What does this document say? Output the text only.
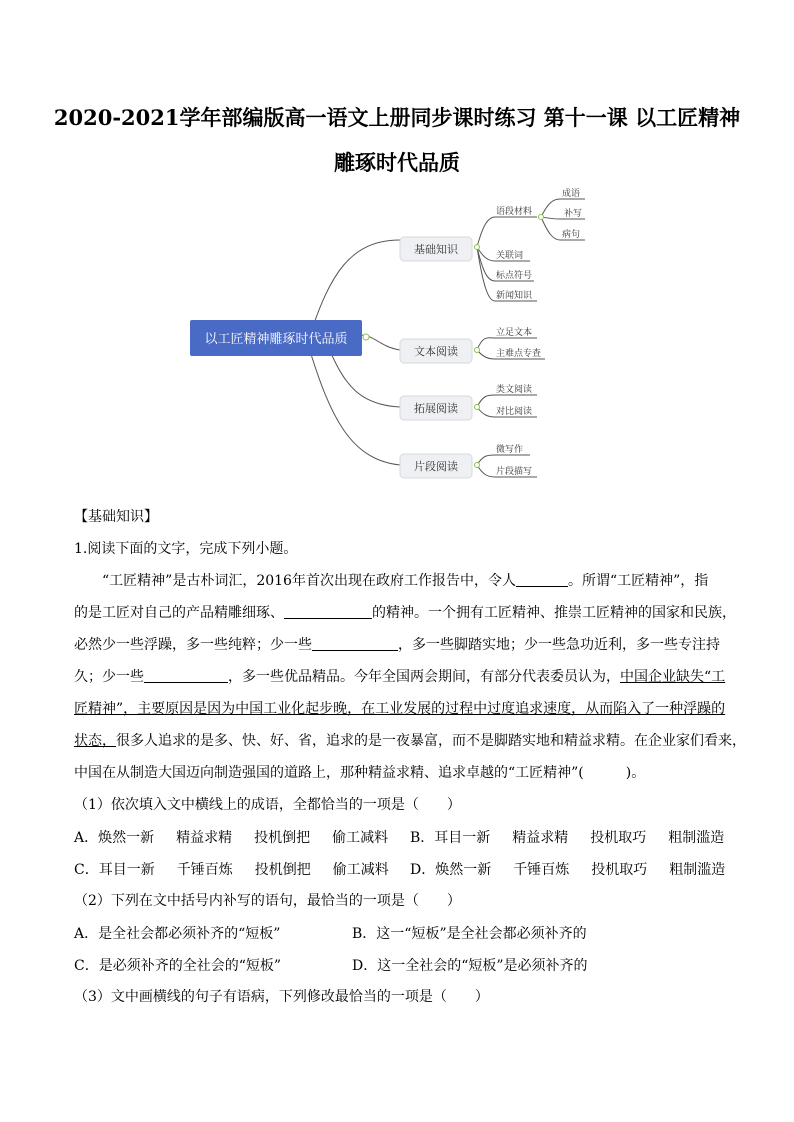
2020-2021学年部编版高一语文上册同步课时练习 第十一课 以工匠精神
雕琢时代品质
以工匠精神雕琢时代品质
基础知识
文本阅读
拓展阅读
片段阅读
语段材料
关联词
标点符号
新闻知识
成语
补写
病句
立足文本
主难点专查
类文阅读
对比阅读
微写作
片段描写
【基础知识】
1.阅读下面的文字，完成下列小题。
“工匠精神”是古朴词汇，2016年首次出现在政府工作报告中，令人	。所谓“工匠精神”，指
的是工匠对自己的产品精雕细琢、	的精神。一个拥有工匠精神、推崇工匠精神的国家和民族，
必然少一些浮躁，多一些纯粹；少一些	，多一些脚踏实地；少一些急功近利，多一些专注持
久；少一些	，多一些优品精品。今年全国两会期间，有部分代表委员认为，中国企业缺失“工
匠精神”，主要原因是因为中国工业化起步晚，在工业发展的过程中过度追求速度，从而陷入了一种浮躁的
状态，很多人追求的是多、快、好、省，追求的是一夜暴富，而不是脚踏实地和精益求精。在企业家们看来，
中国在从制造大国迈向制造强国的道路上，那种精益求精、追求卓越的“工匠精神”(　　　)。
（1）依次填入文中横线上的成语，全都恰当的一项是（　　）
A．焕然一新 精益求精 投机倒把 偷工减料 B．耳目一新 精益求精 投机取巧 粗制滥造
C．耳目一新 千锤百炼 投机倒把 偷工减料 D．焕然一新 千锤百炼 投机取巧 粗制滥造
（2）下列在文中括号内补写的语句，最恰当的一项是（　　）
A．是全社会都必须补齐的“短板”	B．这一“短板”是全社会都必须补齐的
C．是必须补齐的全社会的“短板”	D．这一全社会的“短板”是必须补齐的
（3）文中画横线的句子有语病，下列修改最恰当的一项是（　　）
